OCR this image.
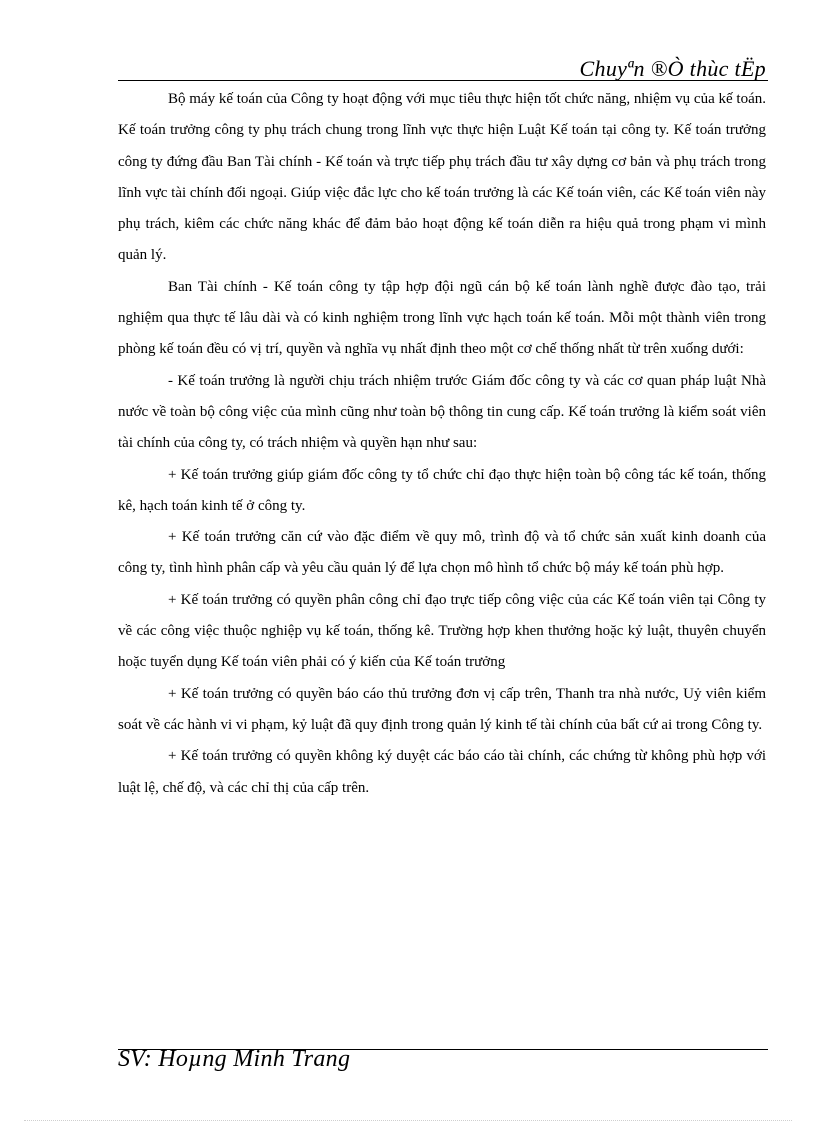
Chuyªn ®Ò thùc tËp

Bộ máy kế toán của Công ty hoạt động với mục tiêu thực hiện tốt chức năng, nhiệm vụ của kế toán. Kế toán trưởng công ty phụ trách chung trong lĩnh vực thực hiện Luật Kế toán tại công ty. Kế toán trưởng công ty đứng đầu Ban Tài chính - Kế toán và trực tiếp phụ trách đầu tư xây dựng cơ bản và phụ trách trong lĩnh vực tài chính đối ngoại. Giúp việc đắc lực cho kế toán trưởng là các Kế toán viên, các Kế toán viên này phụ trách, kiêm các chức năng khác để đảm bảo hoạt động kế toán diễn ra hiệu quả trong phạm vi mình quản lý.

Ban Tài chính - Kế toán công ty tập hợp đội ngũ cán bộ kế toán lành nghề được đào tạo, trải nghiệm qua thực tế lâu dài và có kinh nghiệm trong lĩnh vực hạch toán kế toán. Mỗi một thành viên trong phòng kế toán đều có vị trí, quyền và nghĩa vụ nhất định theo một cơ chế thống nhất từ trên xuống dưới:

- Kế toán trưởng là người chịu trách nhiệm trước Giám đốc công ty và các cơ quan pháp luật Nhà nước về toàn bộ công việc của mình cũng như toàn bộ thông tin cung cấp. Kế toán trưởng là kiểm soát viên tài chính của công ty, có trách nhiệm và quyền hạn như sau:

+ Kế toán trưởng giúp giám đốc công ty tổ chức chỉ đạo thực hiện toàn bộ công tác kế toán, thống kê, hạch toán kinh tế ở công ty.

+ Kế toán trưởng căn cứ vào đặc điểm về quy mô, trình độ và tổ chức sản xuất kinh doanh của công ty, tình hình phân cấp và yêu cầu quản lý để lựa chọn mô hình tổ chức bộ máy kế toán phù hợp.

+ Kế toán trưởng có quyền phân công chỉ đạo trực tiếp công việc của các Kế toán viên tại Công ty về các công việc thuộc nghiệp vụ kế toán, thống kê. Trường hợp khen thưởng hoặc kỷ luật, thuyên chuyển hoặc tuyển dụng Kế toán viên phải có ý kiến của Kế toán trưởng

+ Kế toán trưởng có quyền báo cáo thủ trưởng đơn vị cấp trên, Thanh tra nhà nước, Uỷ viên kiểm soát về các hành vi vi phạm, kỷ luật đã quy định trong quản lý kinh tế tài chính của bất cứ ai trong Công ty.

+ Kế toán trưởng có quyền không ký duyệt các báo cáo tài chính, các chứng từ không phù hợp với luật lệ, chế độ, và các chỉ thị của cấp trên.

SV: Hoµng Minh Trang
